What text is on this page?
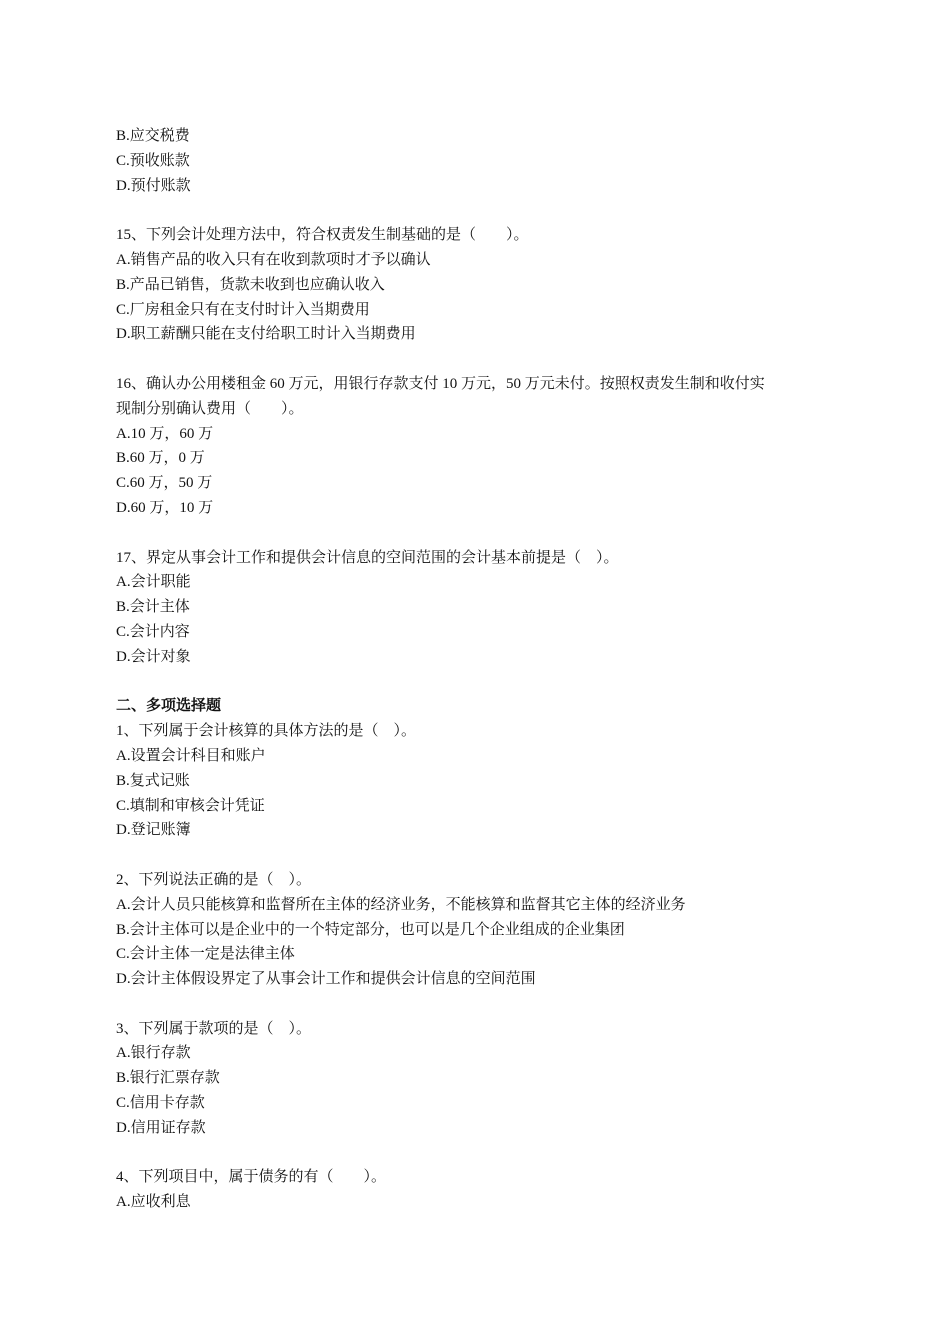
B.应交税费
C.预收账款
D.预付账款
15、下列会计处理方法中，符合权责发生制基础的是（　　）。
A.销售产品的收入只有在收到款项时才予以确认
B.产品已销售，货款未收到也应确认收入
C.厂房租金只有在支付时计入当期费用
D.职工薪酬只能在支付给职工时计入当期费用
16、确认办公用楼租金 60 万元，用银行存款支付 10 万元，50 万元未付。按照权责发生制和收付实
现制分别确认费用（　　）。
A.10 万，60 万
B.60 万，0 万
C.60 万，50 万
D.60 万，10 万
17、界定从事会计工作和提供会计信息的空间范围的会计基本前提是（　）。
A.会计职能
B.会计主体
C.会计内容
D.会计对象
二、多项选择题
1、下列属于会计核算的具体方法的是（　）。
A.设置会计科目和账户
B.复式记账
C.填制和审核会计凭证
D.登记账簿
2、下列说法正确的是（　）。
A.会计人员只能核算和监督所在主体的经济业务，不能核算和监督其它主体的经济业务
B.会计主体可以是企业中的一个特定部分，也可以是几个企业组成的企业集团
C.会计主体一定是法律主体
D.会计主体假设界定了从事会计工作和提供会计信息的空间范围
3、下列属于款项的是（　）。
A.银行存款
B.银行汇票存款
C.信用卡存款
D.信用证存款
4、下列项目中，属于债务的有（　　）。
A.应收利息
